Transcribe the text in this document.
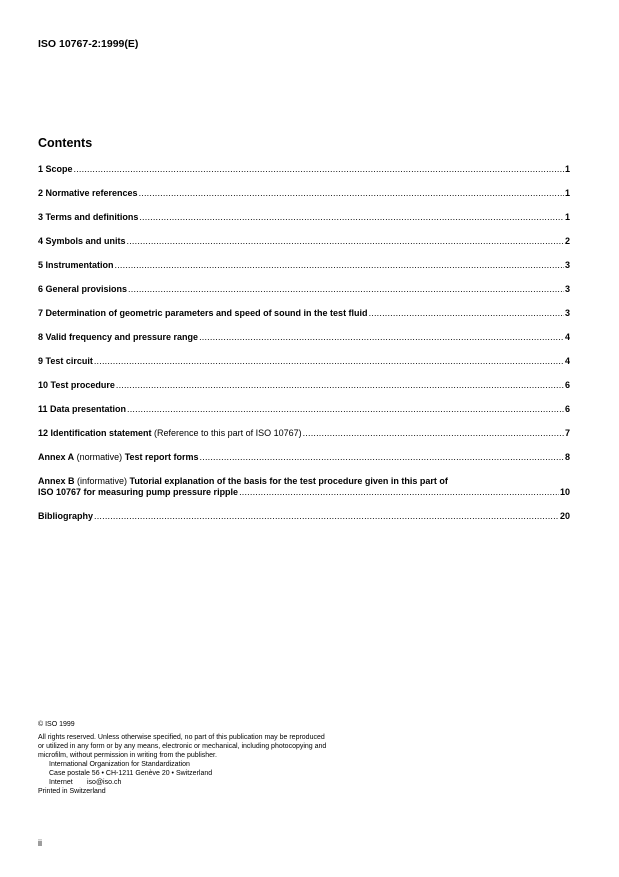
ISO 10767-2:1999(E)
Contents
1 Scope .....	1
2 Normative references .....	1
3 Terms and definitions .....	1
4 Symbols and units .....	2
5 Instrumentation .....	3
6 General provisions .....	3
7 Determination of geometric parameters and speed of sound in the test fluid .....	3
8 Valid frequency and pressure range .....	4
9 Test circuit .....	4
10 Test procedure .....	6
11 Data presentation .....	6
12 Identification statement (Reference to this part of ISO 10767) .....	7
Annex A (normative) Test report forms .....	8
Annex B (informative) Tutorial explanation of the basis for the test procedure given in this part of
ISO 10767 for measuring pump pressure ripple .....	10
Bibliography .....	20
© ISO 1999
All rights reserved. Unless otherwise specified, no part of this publication may be reproduced
or utilized in any form or by any means, electronic or mechanical, including photocopying and
microfilm, without permission in writing from the publisher.
International Organization for Standardization
Case postale 56 • CH-1211 Genève 20 • Switzerland
Internet iso@iso.ch
Printed in Switzerland
ii
